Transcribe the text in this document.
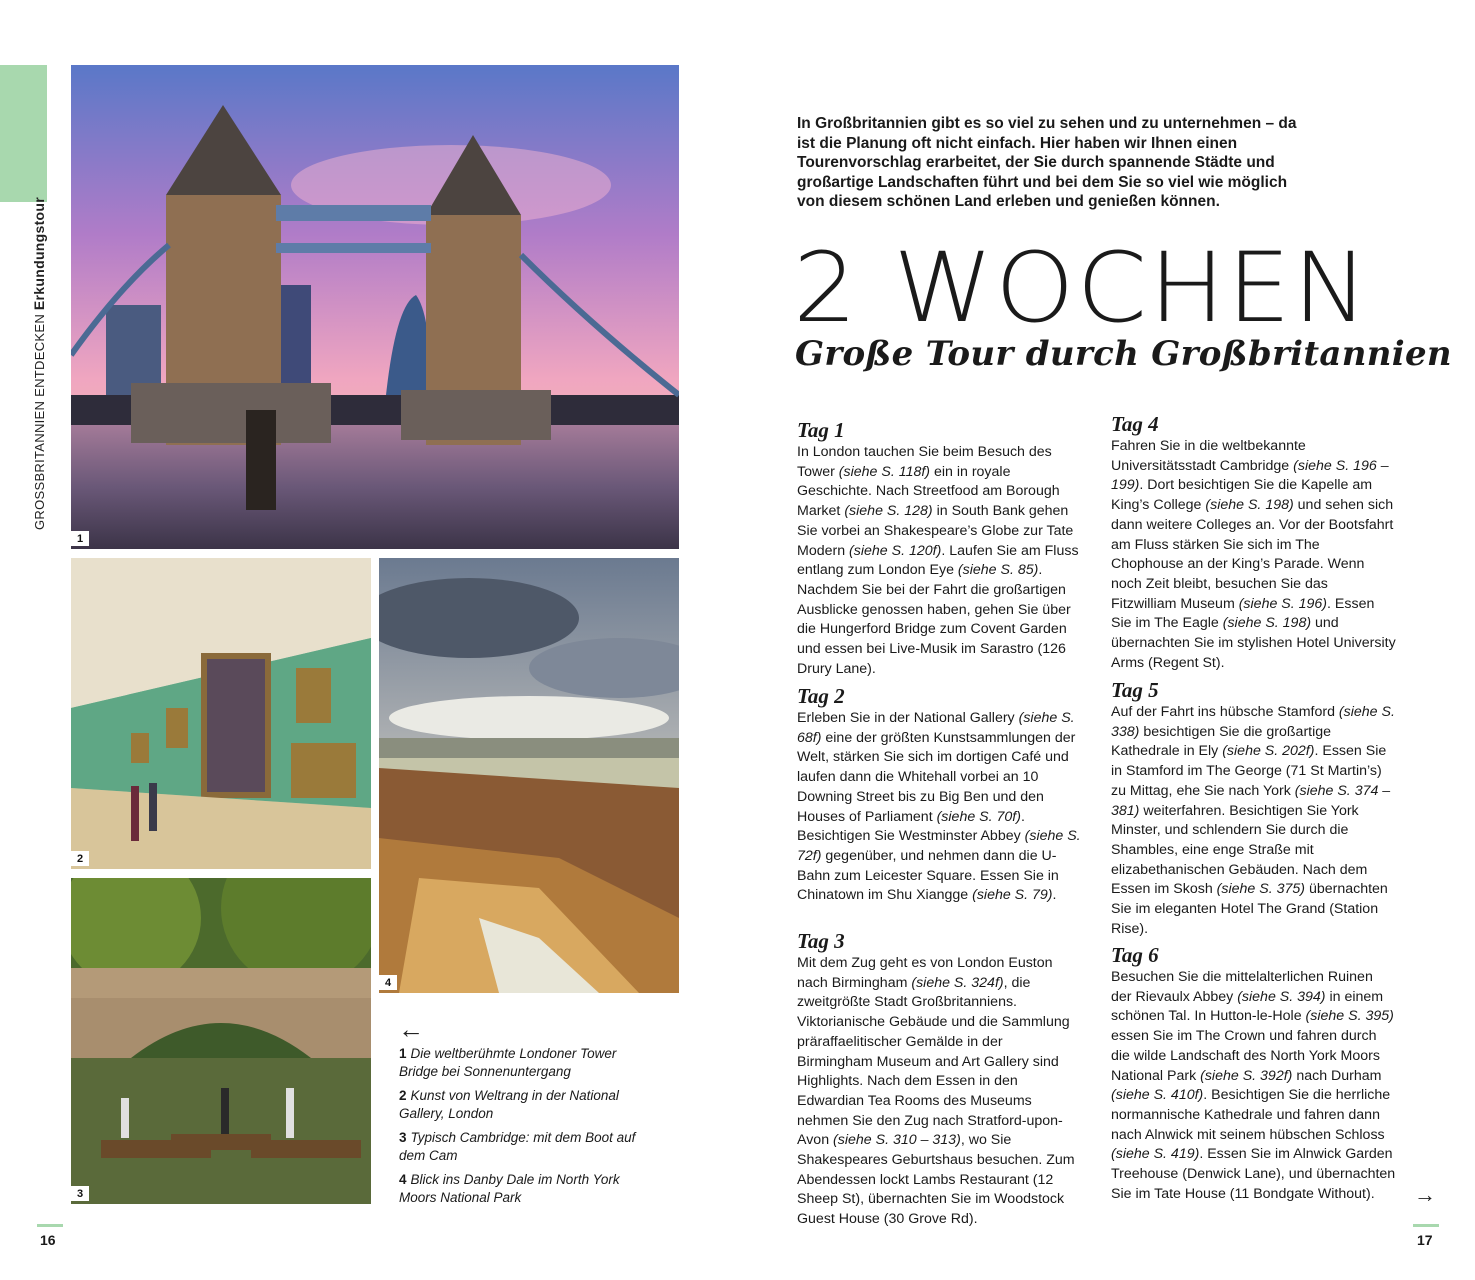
GROSSBRITANNIEN ENTDECKEN Erkundungstour
1
2
3
4
←
1 Die weltberühmte Londoner Tower Bridge bei Sonnenuntergang
2 Kunst von Weltrang in der National Gallery, London
3 Typisch Cambridge: mit dem Boot auf dem Cam
4 Blick ins Danby Dale im North York Moors National Park
In Großbritannien gibt es so viel zu sehen und zu unternehmen – da ist die Planung oft nicht einfach. Hier haben wir Ihnen einen Tourenvorschlag erarbeitet, der Sie durch spannende Städte und großartige Landschaften führt und bei dem Sie so viel wie möglich von diesem schönen Land erleben und genießen können.
2 WOCHEN
Große Tour durch Großbritannien
Tag 1

In London tauchen Sie beim Besuch des Tower (siehe S. 118f) ein in royale Geschichte. Nach Streetfood am Borough Market (siehe S. 128) in South Bank gehen Sie vorbei an Shakespeare’s Globe zur Tate Modern (siehe S. 120f). Laufen Sie am Fluss entlang zum London Eye (siehe S. 85). Nachdem Sie bei der Fahrt die großartigen Ausblicke genossen haben, gehen Sie über die Hungerford Bridge zum Covent Garden und essen bei Live-Musik im Sarastro (126 Drury Lane).

Tag 2

Erleben Sie in der National Gallery (siehe S. 68f) eine der größten Kunstsammlungen der Welt, stärken Sie sich im dortigen Café und laufen dann die Whitehall vorbei an 10 Downing Street bis zu Big Ben und den Houses of Parliament (siehe S. 70f). Besichtigen Sie Westminster Abbey (siehe S. 72f) gegenüber, und nehmen dann die U-Bahn zum Leicester Square. Essen Sie in Chinatown im Shu Xiangge (siehe S. 79).

Tag 3

Mit dem Zug geht es von London Euston nach Birmingham (siehe S. 324f), die zweitgrößte Stadt Großbritanniens. Viktorianische Gebäude und die Sammlung präraffaelitischer Gemälde in der Birmingham Museum and Art Gallery sind Highlights. Nach dem Essen in den Edwardian Tea Rooms des Museums nehmen Sie den Zug nach Stratford-upon-Avon (siehe S. 310 – 313), wo Sie Shakespeares Geburtshaus besuchen. Zum Abendessen lockt Lambs Restaurant (12 Sheep St), übernachten Sie im Woodstock Guest House (30 Grove Rd).

Tag 4

Fahren Sie in die weltbekannte Universitätsstadt Cambridge (siehe S. 196 –199). Dort besichtigen Sie die Kapelle am King’s College (siehe S. 198) und sehen sich dann weitere Colleges an. Vor der Bootsfahrt am Fluss stärken Sie sich im The Chophouse an der King’s Parade. Wenn noch Zeit bleibt, besuchen Sie das Fitzwilliam Museum (siehe S. 196). Essen Sie im The Eagle (siehe S. 198) und übernachten Sie im stylishen Hotel University Arms (Regent St).

Tag 5

Auf der Fahrt ins hübsche Stamford (siehe S. 338) besichtigen Sie die großartige Kathedrale in Ely (siehe S. 202f). Essen Sie in Stamford im The George (71 St Martin’s) zu Mittag, ehe Sie nach York (siehe S. 374 – 381) weiterfahren. Besichtigen Sie York Minster, und schlendern Sie durch die Shambles, eine enge Straße mit elizabethanischen Gebäuden. Nach dem Essen im Skosh (siehe S. 375) übernachten Sie im eleganten Hotel The Grand (Station Rise).

Tag 6

Besuchen Sie die mittelalterlichen Ruinen der Rievaulx Abbey (siehe S. 394) in einem schönen Tal. In Hutton-le-Hole (siehe S. 395) essen Sie im The Crown und fahren durch die wilde Landschaft des North York Moors National Park (siehe S. 392f) nach Durham (siehe S. 410f). Besichtigen Sie die herrliche normannische Kathedrale und fahren dann nach Alnwick mit seinem hübschen Schloss (siehe S. 419). Essen Sie im Alnwick Garden Treehouse (Denwick Lane), und übernachten Sie im Tate House (11 Bondgate Without).	→
16	17
